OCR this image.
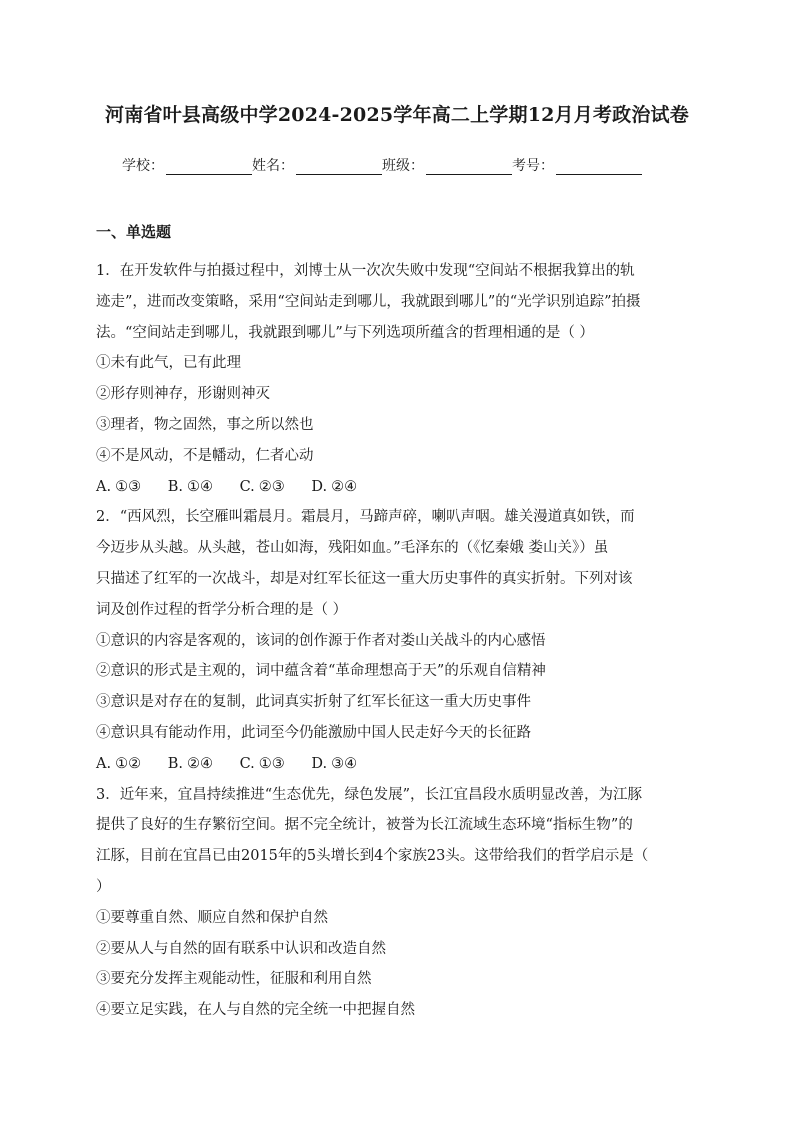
河南省叶县高级中学2024-2025学年高二上学期12月月考政治试卷
学校：	姓名：	班级：	考号：
一、单选题
1．在开发软件与拍摄过程中，刘博士从一次次失败中发现“空间站不根据我算出的轨
迹走”，进而改变策略，采用“空间站走到哪儿，我就跟到哪儿”的“光学识别追踪”拍摄
法。“空间站走到哪儿，我就跟到哪儿”与下列选项所蕴含的哲理相通的是（ ）
①未有此气，已有此理
②形存则神存，形谢则神灭
③理者，物之固然，事之所以然也
④不是风动，不是幡动，仁者心动
A. ①③ B. ①④ C. ②③ D. ②④
2．“西风烈，长空雁叫霜晨月。霜晨月，马蹄声碎，喇叭声咽。雄关漫道真如铁，而
今迈步从头越。从头越，苍山如海，残阳如血。”毛泽东的（《忆秦娥 娄山关》）虽
只描述了红军的一次战斗，却是对红军长征这一重大历史事件的真实折射。下列对该
词及创作过程的哲学分析合理的是（ ）
①意识的内容是客观的，该词的创作源于作者对娄山关战斗的内心感悟
②意识的形式是主观的，词中蕴含着“革命理想高于天”的乐观自信精神
③意识是对存在的复制，此词真实折射了红军长征这一重大历史事件
④意识具有能动作用，此词至今仍能激励中国人民走好今天的长征路
A. ①② B. ②④ C. ①③ D. ③④
3．近年来，宜昌持续推进“生态优先，绿色发展”，长江宜昌段水质明显改善，为江豚
提供了良好的生存繁衍空间。据不完全统计，被誉为长江流域生态环境“指标生物”的
江豚，目前在宜昌已由2015年的5头增长到4个家族23头。这带给我们的哲学启示是（
）
①要尊重自然、顺应自然和保护自然
②要从人与自然的固有联系中认识和改造自然
③要充分发挥主观能动性，征服和利用自然
④要立足实践，在人与自然的完全统一中把握自然
